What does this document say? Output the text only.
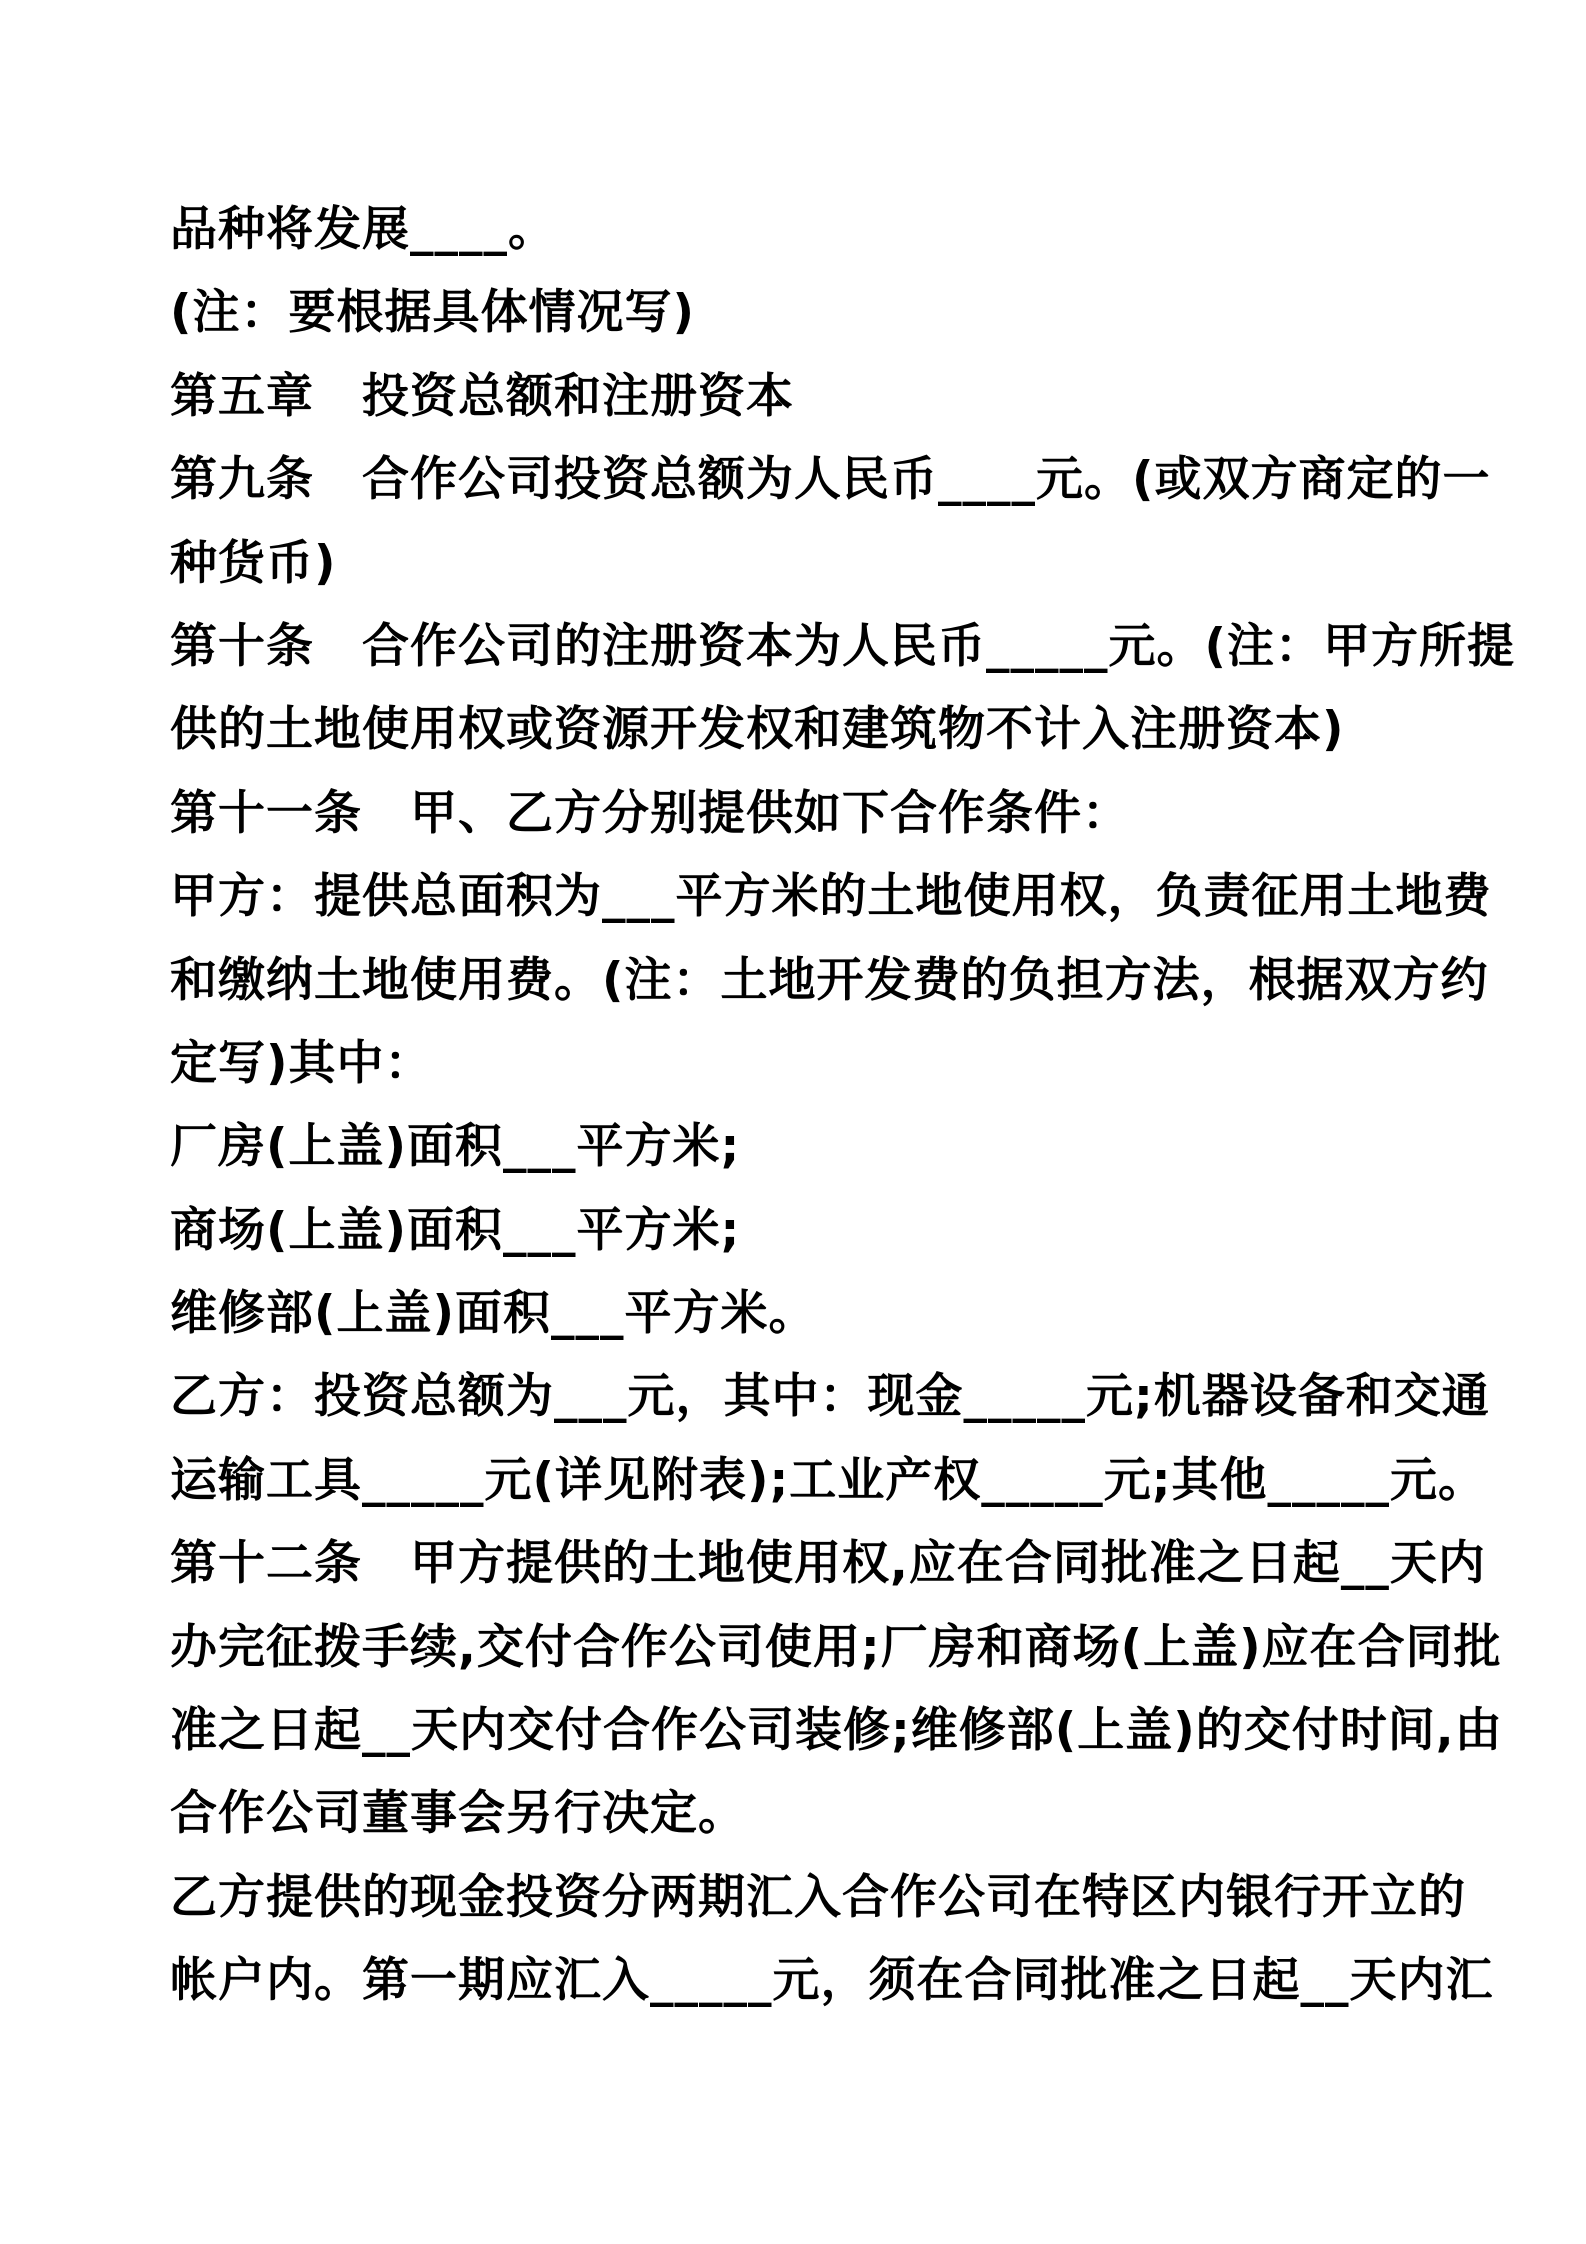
品种将发展____。
(注：要根据具体情况写)
第五章　投资总额和注册资本
第九条　合作公司投资总额为人民币____元。(或双方商定的一
种货币)
第十条　合作公司的注册资本为人民币_____元。(注：甲方所提
供的土地使用权或资源开发权和建筑物不计入注册资本)
第十一条　甲、乙方分别提供如下合作条件：
甲方：提供总面积为___平方米的土地使用权，负责征用土地费
和缴纳土地使用费。(注：土地开发费的负担方法，根据双方约
定写)其中：
厂房(上盖)面积___平方米;
商场(上盖)面积___平方米;
维修部(上盖)面积___平方米。
乙方：投资总额为___元，其中：现金_____元;机器设备和交通
运输工具_____元(详见附表);工业产权_____元;其他_____元。
第十二条　甲方提供的土地使用权,应在合同批准之日起__天内
办完征拨手续,交付合作公司使用;厂房和商场(上盖)应在合同批
准之日起__天内交付合作公司装修;维修部(上盖)的交付时间,由
合作公司董事会另行决定。
乙方提供的现金投资分两期汇入合作公司在特区内银行开立的
帐户内。第一期应汇入_____元，须在合同批准之日起__天内汇
